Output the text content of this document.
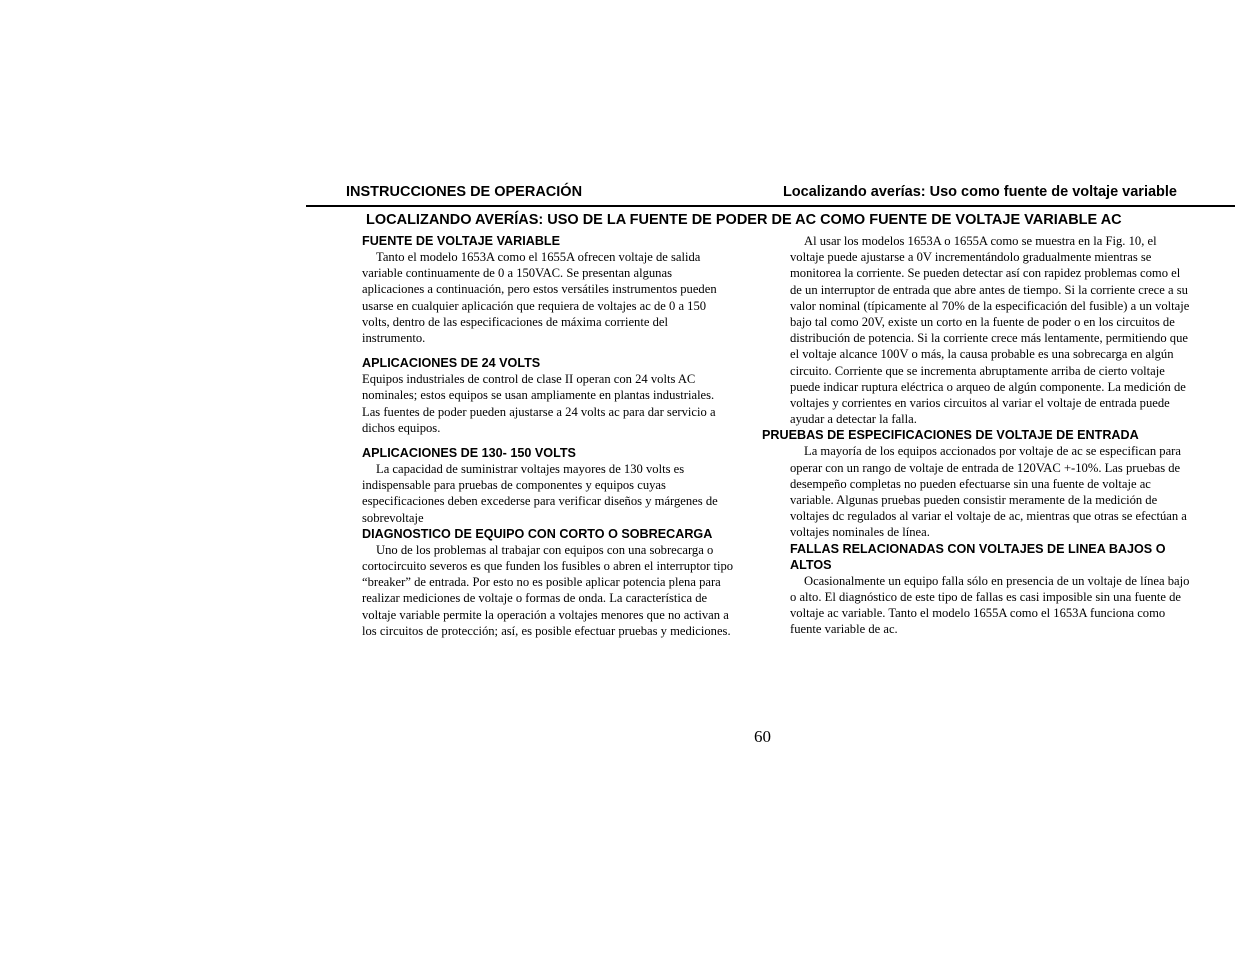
INSTRUCCIONES DE OPERACIÓN	Localizando averías: Uso como fuente de voltaje variable
LOCALIZANDO AVERÍAS: USO DE LA FUENTE DE PODER DE AC COMO FUENTE DE VOLTAJE VARIABLE AC

FUENTE DE VOLTAJE VARIABLE

Tanto el modelo 1653A como el 1655A ofrecen voltaje de salida variable continuamente de 0 a 150VAC. Se presentan algunas aplicaciones a continuación, pero estos versátiles instrumentos pueden usarse en cualquier aplicación que requiera de voltajes ac de 0 a 150 volts, dentro de las especificaciones de máxima corriente del instrumento.

APLICACIONES DE 24 VOLTS

Equipos industriales de control de clase II operan con 24 volts AC nominales; estos equipos se usan ampliamente en plantas industriales. Las fuentes de poder pueden ajustarse a 24 volts ac para dar servicio a dichos equipos.

APLICACIONES DE 130- 150 VOLTS

La capacidad de suministrar voltajes mayores de 130 volts es indispensable para pruebas de componentes y equipos cuyas especificaciones deben excederse para verificar diseños y márgenes de sobrevoltaje

DIAGNOSTICO DE EQUIPO CON CORTO O SOBRECARGA

Uno de los problemas al trabajar con equipos con una sobrecarga o cortocircuito severos es que funden los fusibles o abren el interruptor tipo “breaker” de entrada. Por esto no es posible aplicar potencia plena para realizar mediciones de voltaje o formas de onda. La característica de voltaje variable permite la operación a voltajes menores que no activan a los circuitos de protección; así, es posible efectuar pruebas y mediciones.

Al usar los modelos 1653A o 1655A como se muestra en la Fig. 10, el voltaje puede ajustarse a 0V incrementándolo gradualmente mientras se monitorea la corriente. Se pueden detectar así con rapidez problemas como el de un interruptor de entrada que abre antes de tiempo. Si la corriente crece a su valor nominal (típicamente al 70% de la especificación del fusible) a un voltaje bajo tal como 20V, existe un corto en la fuente de poder o en los circuitos de distribución de potencia. Si la corriente crece más lentamente, permitiendo que el voltaje alcance 100V o más, la causa probable es una sobrecarga en algún circuito. Corriente que se incrementa abruptamente arriba de cierto voltaje puede indicar ruptura eléctrica o arqueo de algún componente. La medición de voltajes y corrientes en varios circuitos al variar el voltaje de entrada puede ayudar a detectar la falla.

PRUEBAS DE ESPECIFICACIONES DE VOLTAJE DE ENTRADA

La mayoría de los equipos accionados por voltaje de ac se especifican para operar con un rango de voltaje de entrada de 120VAC +-10%. Las pruebas de desempeño completas no pueden efectuarse sin una fuente de voltaje ac variable. Algunas pruebas pueden consistir meramente de la medición de voltajes dc regulados al variar el voltaje de ac, mientras que otras se efectúan a voltajes nominales de línea.

FALLAS RELACIONADAS CON VOLTAJES DE LINEA BAJOS O ALTOS

Ocasionalmente un equipo falla sólo en presencia de un voltaje de línea bajo o alto. El diagnóstico de este tipo de fallas es casi imposible sin una fuente de voltaje ac variable. Tanto el modelo 1655A como el 1653A funciona como fuente variable de ac.

60
